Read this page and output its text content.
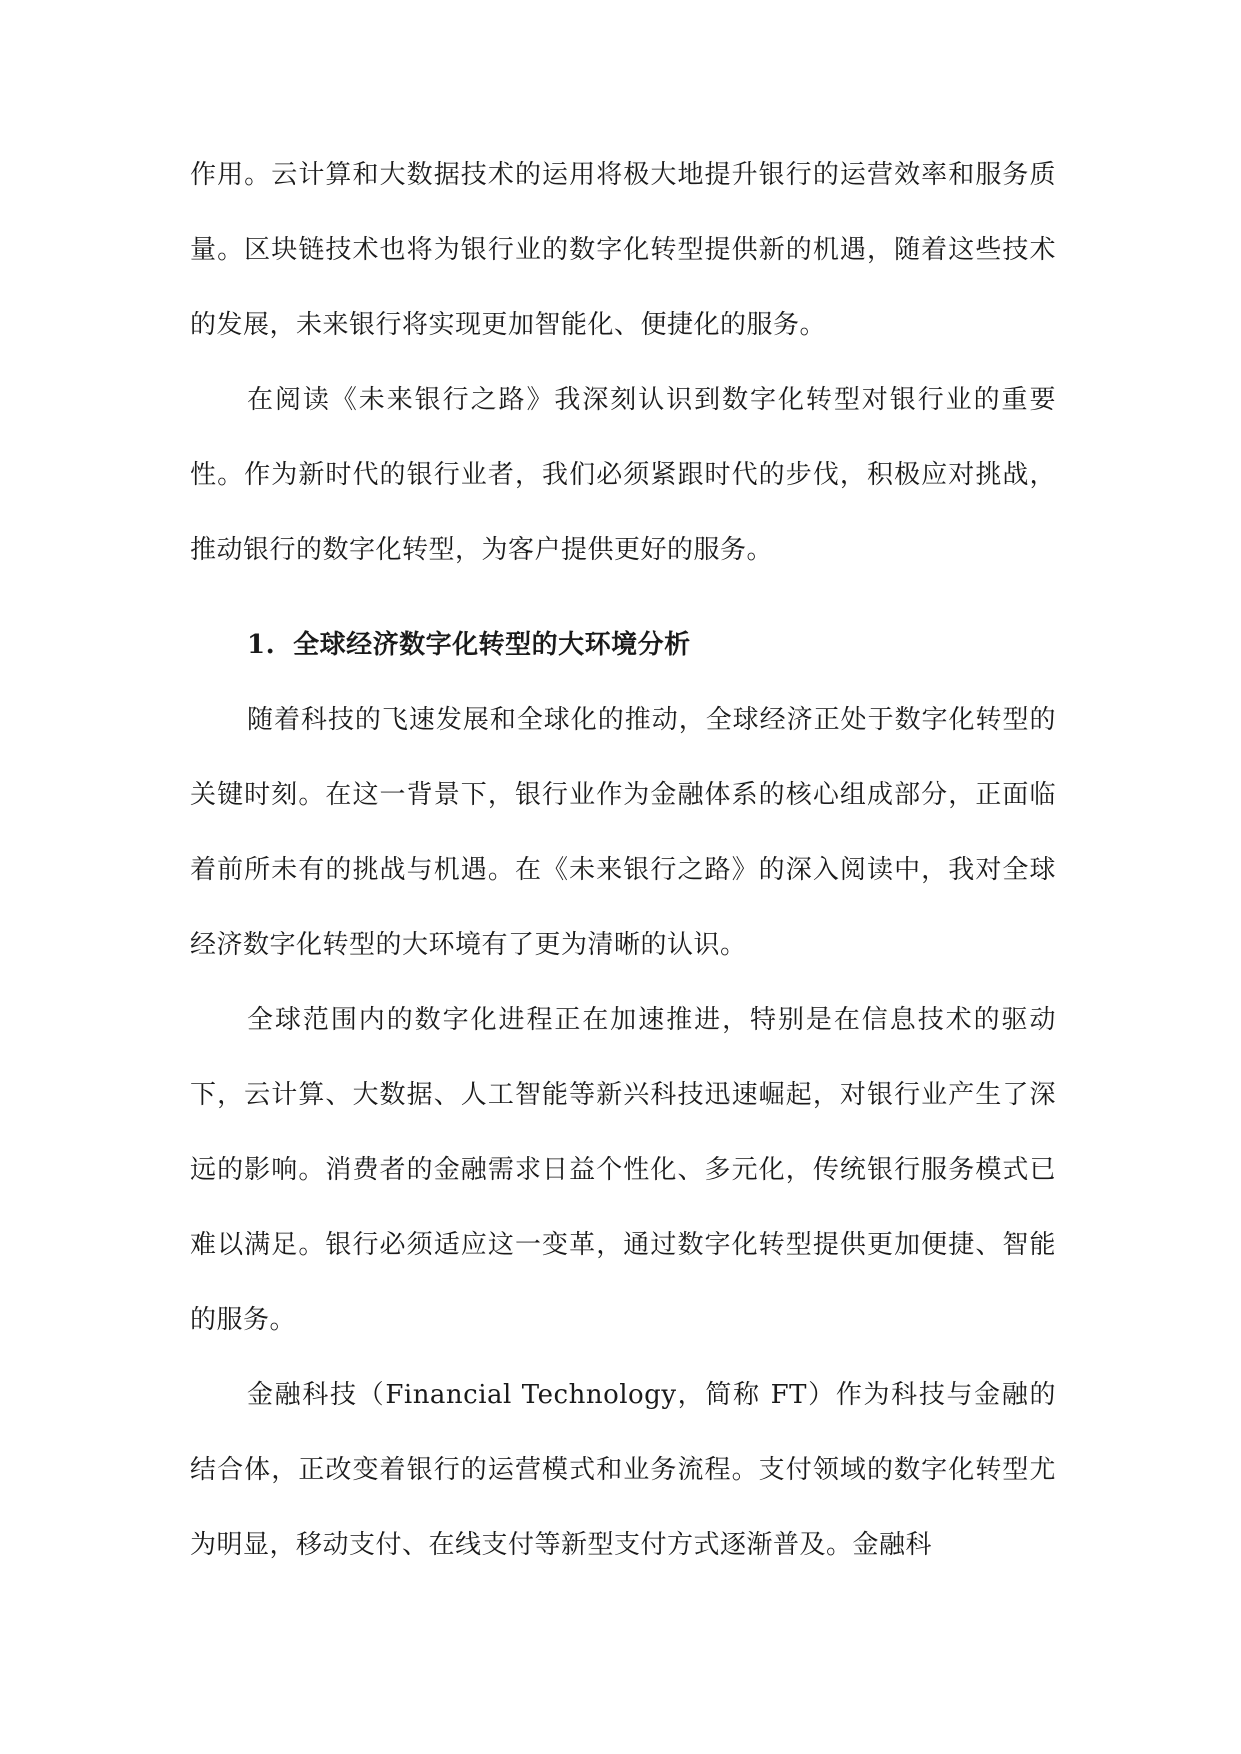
作用。云计算和大数据技术的运用将极大地提升银行的运营效率和服务质量。区块链技术也将为银行业的数字化转型提供新的机遇，随着这些技术的发展，未来银行将实现更加智能化、便捷化的服务。

在阅读《未来银行之路》我深刻认识到数字化转型对银行业的重要性。作为新时代的银行业者，我们必须紧跟时代的步伐，积极应对挑战，推动银行的数字化转型，为客户提供更好的服务。

1. 全球经济数字化转型的大环境分析

随着科技的飞速发展和全球化的推动，全球经济正处于数字化转型的关键时刻。在这一背景下，银行业作为金融体系的核心组成部分，正面临着前所未有的挑战与机遇。在《未来银行之路》的深入阅读中，我对全球经济数字化转型的大环境有了更为清晰的认识。

全球范围内的数字化进程正在加速推进，特别是在信息技术的驱动下，云计算、大数据、人工智能等新兴科技迅速崛起，对银行业产生了深远的影响。消费者的金融需求日益个性化、多元化，传统银行服务模式已难以满足。银行必须适应这一变革，通过数字化转型提供更加便捷、智能的服务。

金融科技（Financial Technology，简称 FT）作为科技与金融的结合体，正改变着银行的运营模式和业务流程。支付领域的数字化转型尤为明显，移动支付、在线支付等新型支付方式逐渐普及。金融科
